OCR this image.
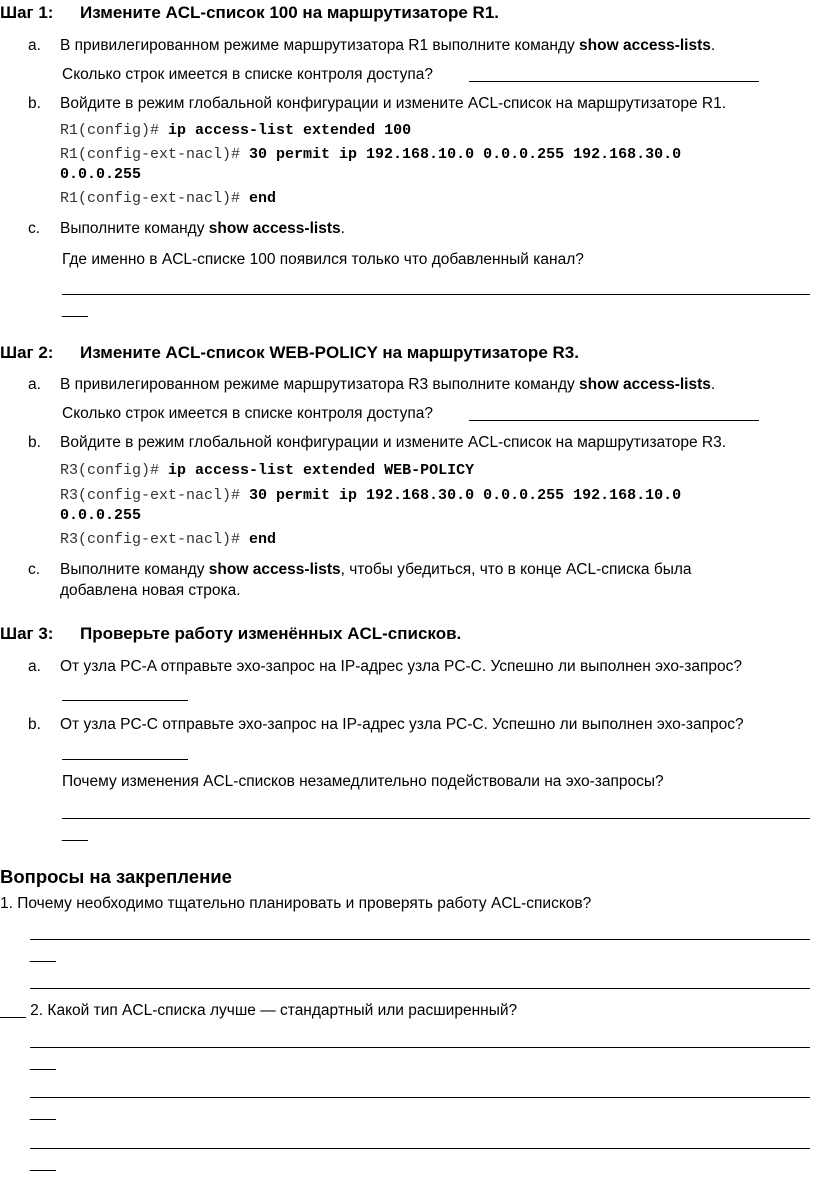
Шаг 1: Измените ACL-список 100 на маршрутизаторе R1.
a. В привилегированном режиме маршрутизатора R1 выполните команду show access-lists.
Сколько строк имеется в списке контроля доступа?
b. Войдите в режим глобальной конфигурации и измените ACL-список на маршрутизаторе R1.
R1(config)# ip access-list extended 100
R1(config-ext-nacl)# 30 permit ip 192.168.10.0 0.0.0.255 192.168.30.0
0.0.0.255
R1(config-ext-nacl)# end
c. Выполните команду show access-lists.
Где именно в ACL-списке 100 появился только что добавленный канал?
___
Шаг 2: Измените ACL-список WEB-POLICY на маршрутизаторе R3.
a. В привилегированном режиме маршрутизатора R3 выполните команду show access-lists.
Сколько строк имеется в списке контроля доступа?
b. Войдите в режим глобальной конфигурации и измените ACL-список на маршрутизаторе R3.
R3(config)# ip access-list extended WEB-POLICY
R3(config-ext-nacl)# 30 permit ip 192.168.30.0 0.0.0.255 192.168.10.0
0.0.0.255
R3(config-ext-nacl)# end
c. Выполните команду show access-lists, чтобы убедиться, что в конце ACL-списка была
добавлена новая строка.
Шаг 3: Проверьте работу изменённых ACL-списков.
a. От узла PC-A отправьте эхо-запрос на IP-адрес узла PC-C. Успешно ли выполнен эхо-запрос?
b. От узла PC-C отправьте эхо-запрос на IP-адрес узла PC-C. Успешно ли выполнен эхо-запрос?
Почему изменения ACL-списков незамедлительно подействовали на эхо-запросы?
___
Вопросы на закрепление
1. Почему необходимо тщательно планировать и проверять работу ACL-списков?
___
___ 2. Какой тип ACL-списка лучше — стандартный или расширенный?
___
___
___
